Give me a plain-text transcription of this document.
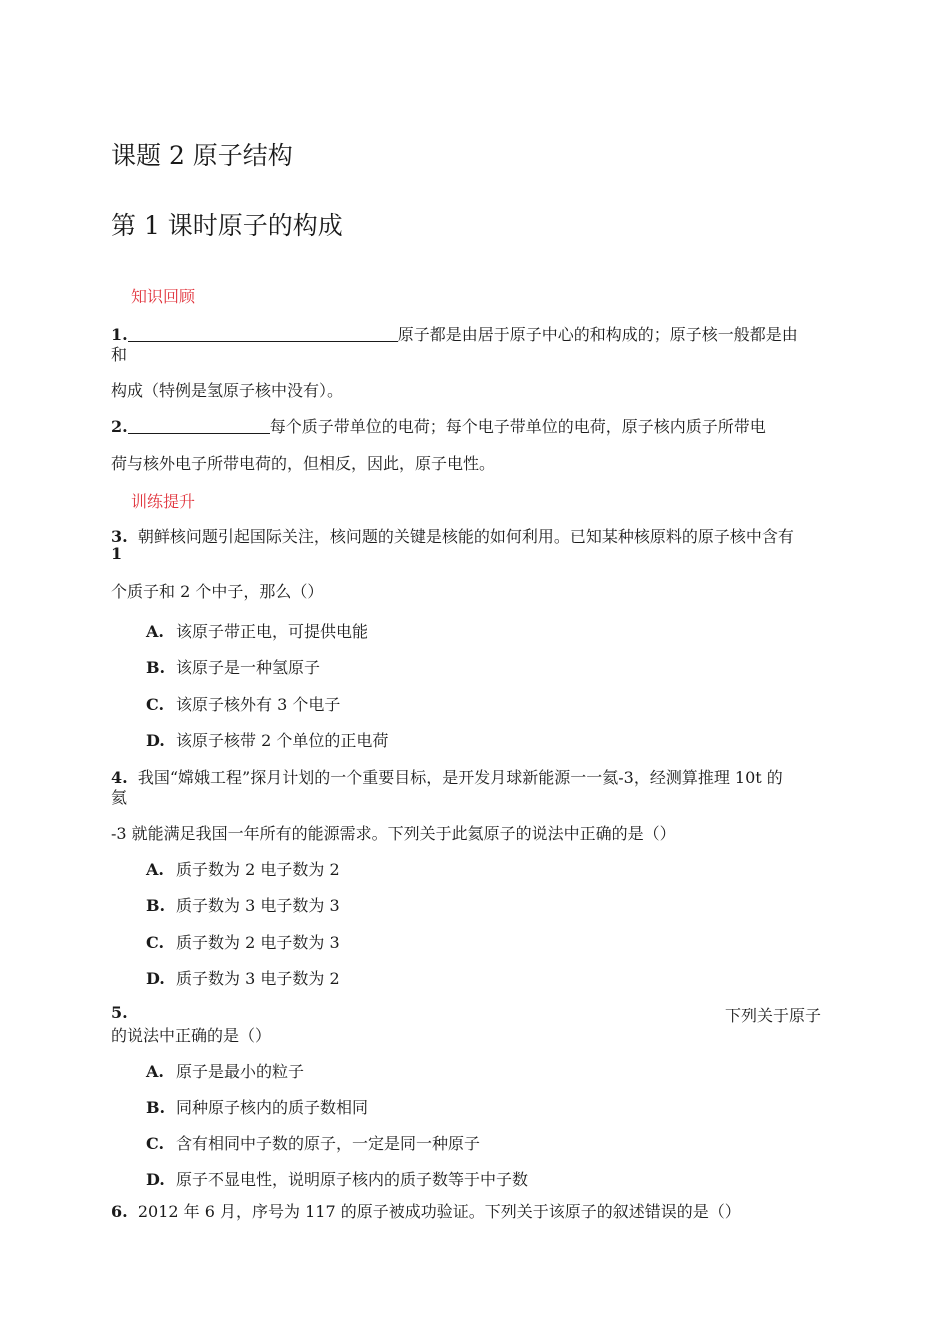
课题 2 原子结构
第 1 课时原子的构成
知识回顾
1.	原子都是由居于原子中心的和构成的；原子核一般都是由
和
构成（特例是氢原子核中没有）。
2.	每个质子带单位的电荷；每个电子带单位的电荷，原子核内质子所带电
荷与核外电子所带电荷的，但相反，因此，原子电性。
训练提升
3. 朝鲜核问题引起国际关注，核问题的关键是核能的如何利用。已知某种核原料的原子核中含有
1
个质子和 2 个中子，那么（）
A. 该原子带正电，可提供电能
B. 该原子是一种氢原子
C. 该原子核外有 3 个电子
D. 该原子核带 2 个单位的正电荷
4. 我国“嫦娥工程”探月计划的一个重要目标，是开发月球新能源一一氦-3，经测算推理 10t 的
氦
-3 就能满足我国一年所有的能源需求。下列关于此氦原子的说法中正确的是（）
A. 质子数为 2 电子数为 2
B. 质子数为 3 电子数为 3
C. 质子数为 2 电子数为 3
D. 质子数为 3 电子数为 2
5.	下列关于原子
的说法中正确的是（）
A. 原子是最小的粒子
B. 同种原子核内的质子数相同
C. 含有相同中子数的原子，一定是同一种原子
D. 原子不显电性，说明原子核内的质子数等于中子数
6. 2012 年 6 月，序号为 117 的原子被成功验证。下列关于该原子的叙述错误的是（）
